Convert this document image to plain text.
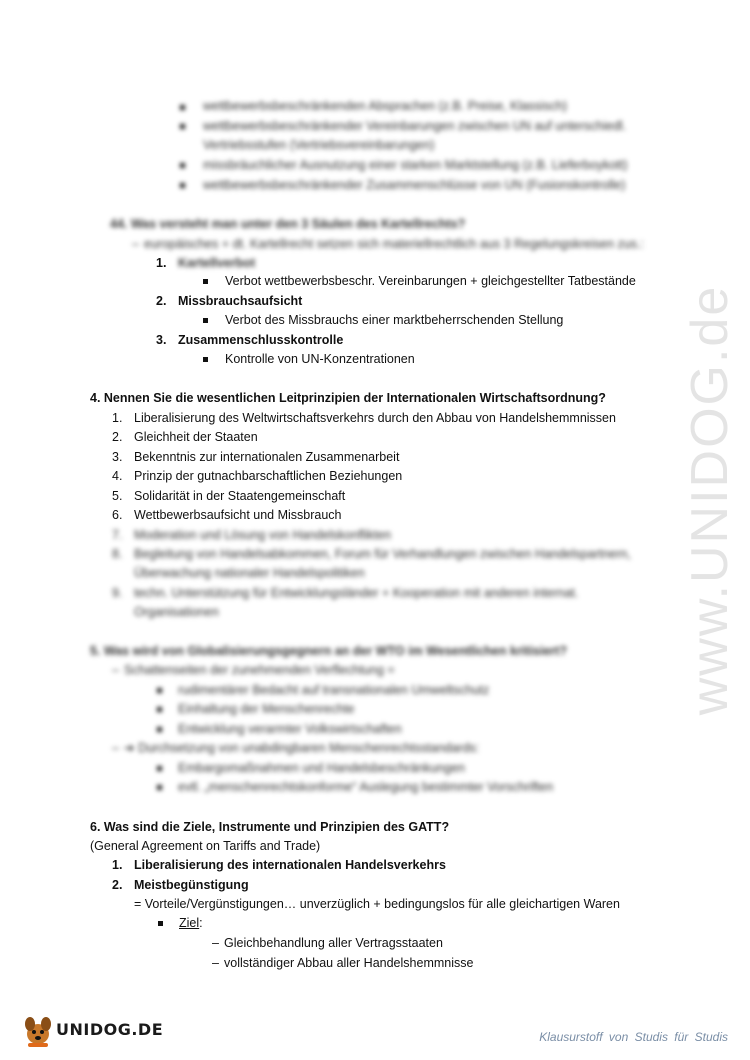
www.UNIDOG.de
wettbewerbsbeschränkenden Absprachen (z.B. Preise, Klassisch)
wettbewerbsbeschränkender Vereinbarungen zwischen UN auf unterschiedl.
Vertriebsstufen (Vertriebsvereinbarungen)
missbräuchlicher Ausnutzung einer starken Marktstellung (z.B. Lieferboykott)
wettbewerbsbeschränkender Zusammenschlüsse von UN (Fusionskontrolle)
44. Was versteht man unter den 3 Säulen des Kartellrechts?
– europäisches + dt. Kartellrecht setzen sich materiellrechtlich aus 3 Regelungskreisen zus.:
1. Kartellverbot
Verbot wettbewerbsbeschr. Vereinbarungen + gleichgestellter Tatbestände
2. Missbrauchsaufsicht
Verbot des Missbrauchs einer marktbeherrschenden Stellung
3. Zusammenschlusskontrolle
Kontrolle von UN-Konzentrationen
4. Nennen Sie die wesentlichen Leitprinzipien der Internationalen Wirtschaftsordnung?
1. Liberalisierung des Weltwirtschaftsverkehrs durch den Abbau von Handelshemmnissen
2. Gleichheit der Staaten
3. Bekenntnis zur internationalen Zusammenarbeit
4. Prinzip der gutnachbarschaftlichen Beziehungen
5. Solidarität in der Staatengemeinschaft
6. Wettbewerbsaufsicht und Missbrauch
7. Moderation und Lösung von Handelskonflikten
8. Begleitung von Handelsabkommen, Forum für Verhandlungen zwischen Handelspartnern,
Überwachung nationaler Handelspolitiken
9. techn. Unterstützung für Entwicklungsländer + Kooperation mit anderen internat.
Organisationen
5. Was wird von Globalisierungsgegnern an der WTO im Wesentlichen kritisiert?
– Schattenseiten der zunehmenden Verflechtung =
rudimentärer Bedacht auf transnationalen Umweltschutz
Einhaltung der Menschenrechte
Entwicklung verarmter Volkswirtschaften
– ➔ Durchsetzung von unabdingbaren Menschenrechtsstandards:
Embargomaßnahmen und Handelsbeschränkungen
evtl. „menschenrechtskonforme“ Auslegung bestimmter Vorschriften
6. Was sind die Ziele, Instrumente und Prinzipien des GATT?
(General Agreement on Tariffs and Trade)
1. Liberalisierung des internationalen Handelsverkehrs
2. Meistbegünstigung
= Vorteile/Vergünstigungen… unverzüglich + bedingungslos für alle gleichartigen Waren
Ziel:
– Gleichbehandlung aller Vertragsstaaten
– vollständiger Abbau aller Handelshemmnisse
UNIDOG.DE	Klausurstoff von Studis für Studis
